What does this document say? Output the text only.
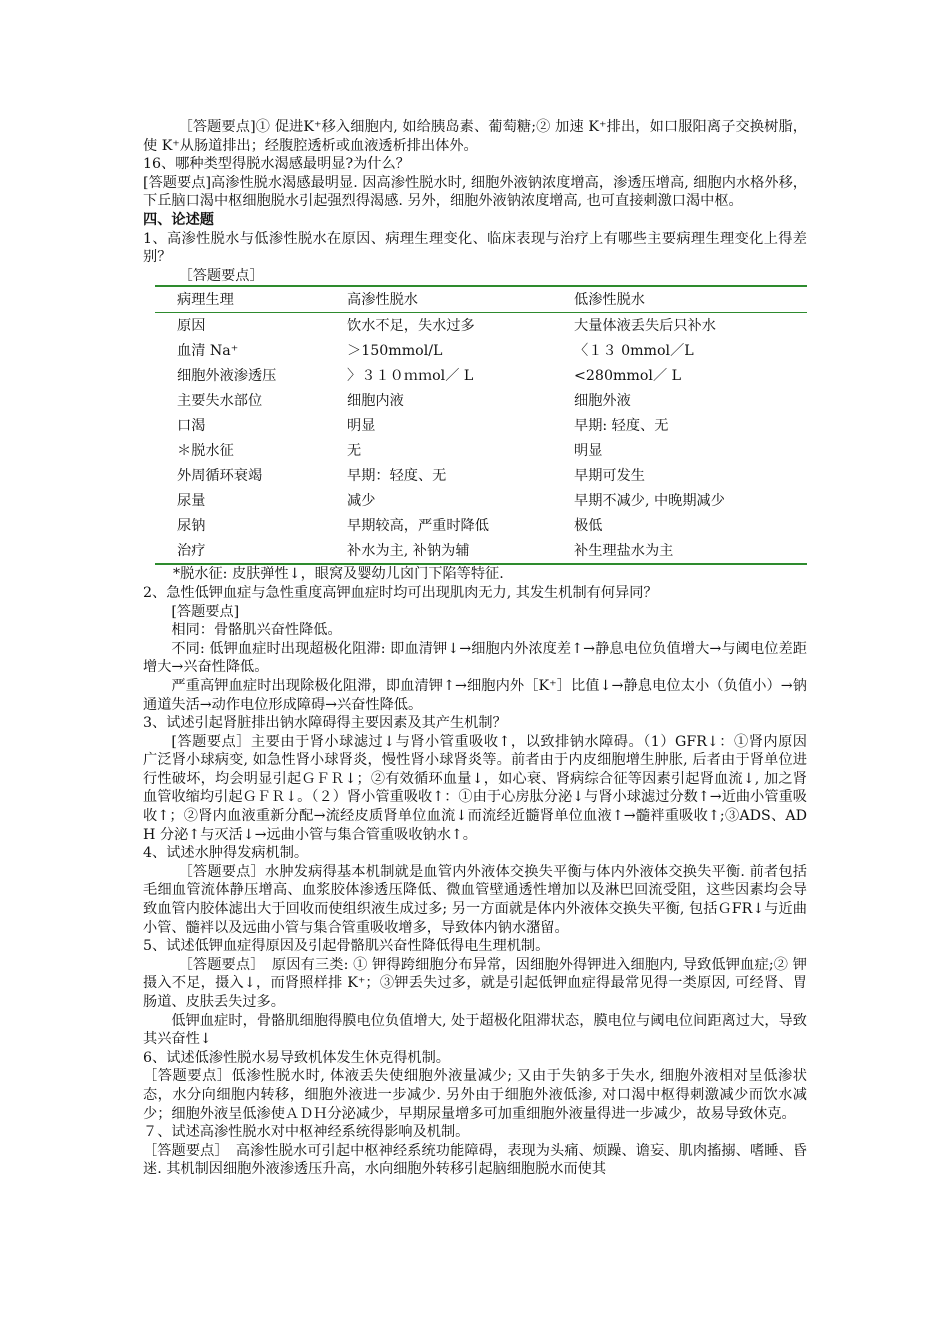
［答题要点]① 促进K⁺移入细胞内, 如给胰岛素、葡萄糖;② 加速 K⁺排出，如口服阳离子交换树脂，使 K⁺从肠道排出；经腹腔透析或血液透析排出体外。

16、哪种类型得脱水渴感最明显?为什么？

[答题要点]高渗性脱水渴感最明显. 因高渗性脱水时, 细胞外液钠浓度增高，渗透压增高, 细胞内水格外移，下丘脑口渴中枢细胞脱水引起强烈得渴感. 另外，细胞外液钠浓度增高, 也可直接刺激口渴中枢。

四、论述题

1、高渗性脱水与低渗性脱水在原因、病理生理变化、临床表现与治疗上有哪些主要病理生理变化上得差别？

［答题要点］

病理生理	高渗性脱水	低渗性脱水
原因	饮水不足，失水过多	大量体液丢失后只补水
血清 Na⁺	＞150mmol/L	〈１３ 0mmol／L
细胞外液渗透压	〉３１０ｍｍol／ L	<280mmol／ L
主要失水部位	细胞内液	细胞外液
口渴	明显	早期: 轻度、无
＊脱水征	无	明显
外周循环衰竭	早期：轻度、无	早期可发生
尿量	减少	早期不减少, 中晚期减少
尿钠	早期较高，严重时降低	极低
治疗	补水为主, 补钠为辅	补生理盐水为主

*脱水征: 皮肤弹性↓，眼窝及婴幼儿囟门下陷等特征.

2、急性低钾血症与急性重度高钾血症时均可出现肌肉无力, 其发生机制有何异同？

[答题要点]

相同：骨骼肌兴奋性降低。

不同: 低钾血症时出现超极化阻滞: 即血清钾↓→细胞内外浓度差↑→静息电位负值增大→与阈电位差距增大→兴奋性降低。

严重高钾血症时出现除极化阻滞，即血清钾↑→细胞内外［K⁺］比值↓→静息电位太小（负值小）→钠通道失活→动作电位形成障碍→兴奋性降低。

3、试述引起肾脏排出钠水障碍得主要因素及其产生机制？

[答题要点］主要由于肾小球滤过↓与肾小管重吸收↑，以致排钠水障碍。（1）GFR↓：①肾内原因　广泛肾小球病变, 如急性肾小球肾炎，慢性肾小球肾炎等。前者由于内皮细胞增生肿胀, 后者由于肾单位进行性破坏，均会明显引起ＧＦＲ↓；②有效循环血量↓，如心衰、肾病综合征等因素引起肾血流↓, 加之肾血管收缩均引起ＧＦＲ↓。（２）肾小管重吸收↑：①由于心房肽分泌↓与肾小球滤过分数↑→近曲小管重吸收↑；②肾内血液重新分配→流经皮质肾单位血流↓而流经近髓肾单位血液↑→髓袢重吸收↑;③ADS、ADH 分泌↑与灭活↓→远曲小管与集合管重吸收钠水↑。

4、试述水肿得发病机制。

［答题要点］水肿发病得基本机制就是血管内外液体交换失平衡与体内外液体交换失平衡. 前者包括毛细血管流体静压增高、血浆胶体渗透压降低、微血管壁通透性增加以及淋巴回流受阻，这些因素均会导致血管内胶体滤出大于回收而使组织液生成过多; 另一方面就是体内外液体交换失平衡, 包括ＧFR↓与近曲小管、髓袢以及远曲小管与集合管重吸收增多，导致体内钠水潴留。

5、试述低钾血症得原因及引起骨骼肌兴奋性降低得电生理机制。

［答题要点］　原因有三类: ① 钾得跨细胞分布异常，因细胞外得钾进入细胞内, 导致低钾血症;② 钾摄入不足，摄入↓，而肾照样排 K⁺；③钾丢失过多，就是引起低钾血症得最常见得一类原因, 可经肾、胃肠道、皮肤丢失过多。

低钾血症时，骨骼肌细胞得膜电位负值增大, 处于超极化阻滞状态，膜电位与阈电位间距离过大，导致其兴奋性↓

6、试述低渗性脱水易导致机体发生休克得机制。

［答题要点］低渗性脱水时, 体液丢失使细胞外液量减少; 又由于失钠多于失水, 细胞外液相对呈低渗状态，水分向细胞内转移，细胞外液进一步减少. 另外由于细胞外液低渗, 对口渴中枢得刺激减少而饮水减少；细胞外液呈低渗使ＡＤＨ分泌减少，早期尿量增多可加重细胞外液量得进一步减少，故易导致休克。

７、试述高渗性脱水对中枢神经系统得影响及机制。

［答题要点］　高渗性脱水可引起中枢神经系统功能障碍，表现为头痛、烦躁、谵妄、肌肉搐搦、嗜睡、昏迷. 其机制因细胞外液渗透压升高，水向细胞外转移引起脑细胞脱水而使其
